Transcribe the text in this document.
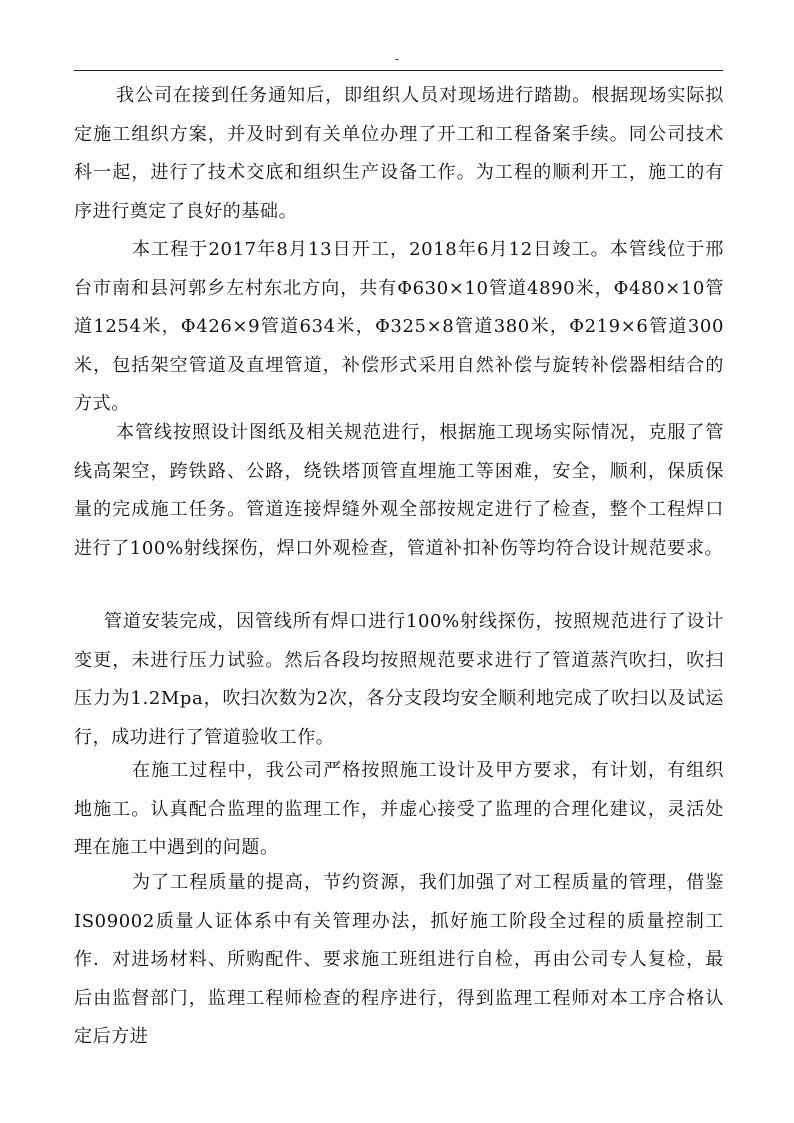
-

我公司在接到任务通知后，即组织人员对现场进行踏勘。根据现场实际拟定施工组织方案，并及时到有关单位办理了开工和工程备案手续。同公司技术科一起，进行了技术交底和组织生产设备工作。为工程的顺利开工，施工的有序进行奠定了良好的基础。

本工程于2017年8月13日开工，2018年6月12日竣工。本管线位于邢台市南和县河郭乡左村东北方向，共有Φ630×10管道4890米，Φ480×10管道1254米，Φ426×9管道634米，Φ325×8管道380米，Φ219×6管道300米，包括架空管道及直埋管道，补偿形式采用自然补偿与旋转补偿器相结合的方式。

本管线按照设计图纸及相关规范进行，根据施工现场实际情况，克服了管线高架空，跨铁路、公路，绕铁塔顶管直埋施工等困难，安全，顺利，保质保量的完成施工任务。管道连接焊缝外观全部按规定进行了检查，整个工程焊口进行了100%射线探伤，焊口外观检查，管道补扣补伤等均符合设计规范要求。

管道安装完成，因管线所有焊口进行100%射线探伤，按照规范进行了设计变更，未进行压力试验。然后各段均按照规范要求进行了管道蒸汽吹扫，吹扫压力为1.2Mpa，吹扫次数为2次，各分支段均安全顺利地完成了吹扫以及试运行，成功进行了管道验收工作。

在施工过程中，我公司严格按照施工设计及甲方要求，有计划，有组织地施工。认真配合监理的监理工作，并虚心接受了监理的合理化建议，灵活处理在施工中遇到的问题。

为了工程质量的提高，节约资源，我们加强了对工程质量的管理，借鉴IS09002质量人证体系中有关管理办法，抓好施工阶段全过程的质量控制工作．对进场材料、所购配件、要求施工班组进行自检，再由公司专人复检，最后由监督部门，监理工程师检查的程序进行，得到监理工程师对本工序合格认定后方进
